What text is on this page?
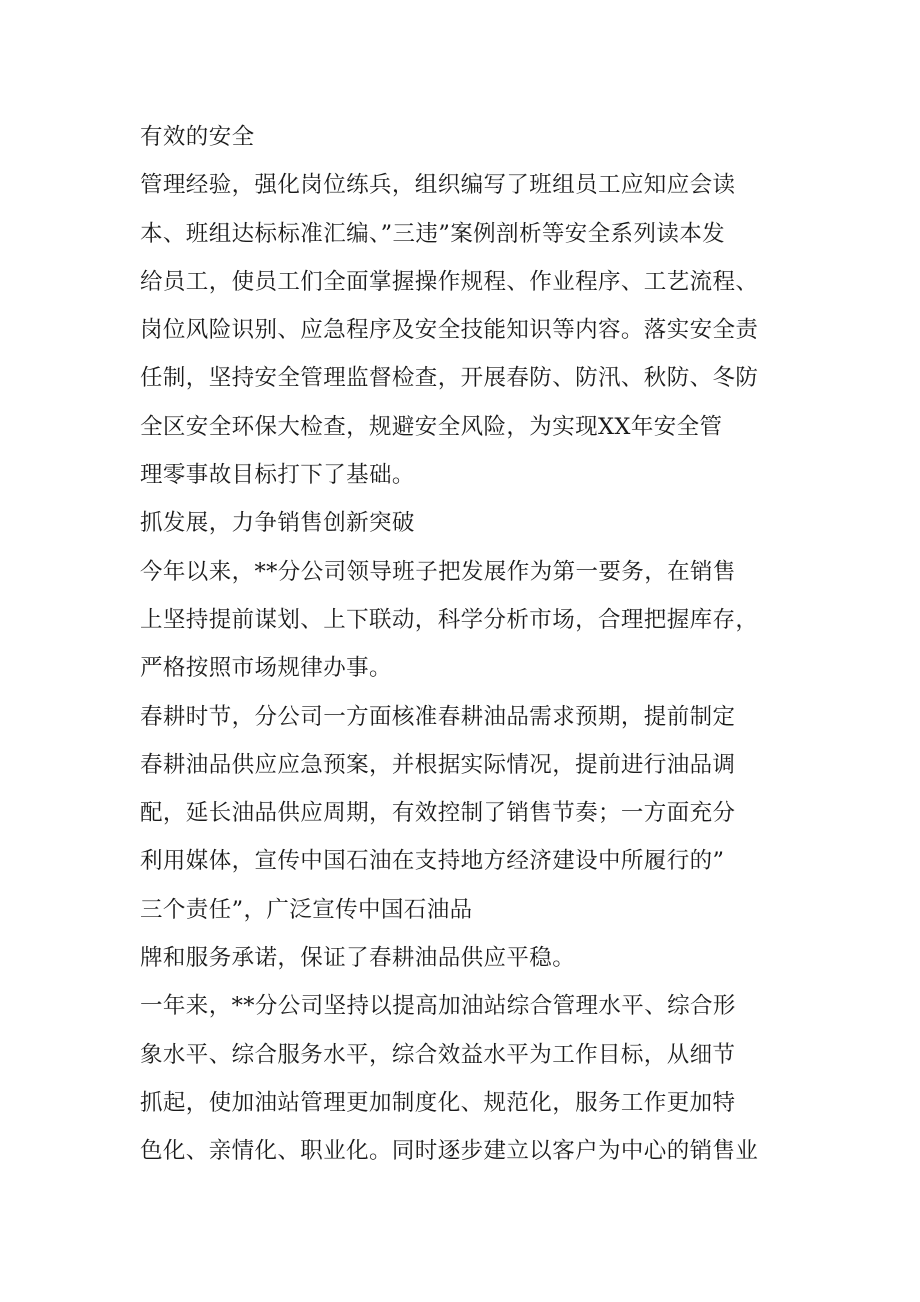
有效的安全
管理经验，强化岗位练兵，组织编写了班组员工应知应会读
本、班组达标标准汇编、”三违”案例剖析等安全系列读本发
给员工，使员工们全面掌握操作规程、作业程序、工艺流程、
岗位风险识别、应急程序及安全技能知识等内容。落实安全责
任制，坚持安全管理监督检查，开展春防、防汛、秋防、冬防
全区安全环保大检查，规避安全风险，为实现XX年安全管
理零事故目标打下了基础。
抓发展，力争销售创新突破
今年以来，**分公司领导班子把发展作为第一要务，在销售
上坚持提前谋划、上下联动，科学分析市场，合理把握库存，
严格按照市场规律办事。
春耕时节，分公司一方面核准春耕油品需求预期，提前制定
春耕油品供应应急预案，并根据实际情况，提前进行油品调
配，延长油品供应周期，有效控制了销售节奏；一方面充分
利用媒体，宣传中国石油在支持地方经济建设中所履行的”
三个责任”，广泛宣传中国石油品
牌和服务承诺，保证了春耕油品供应平稳。
一年来，**分公司坚持以提高加油站综合管理水平、综合形
象水平、综合服务水平，综合效益水平为工作目标，从细节
抓起，使加油站管理更加制度化、规范化，服务工作更加特
色化、亲情化、职业化。同时逐步建立以客户为中心的销售业
